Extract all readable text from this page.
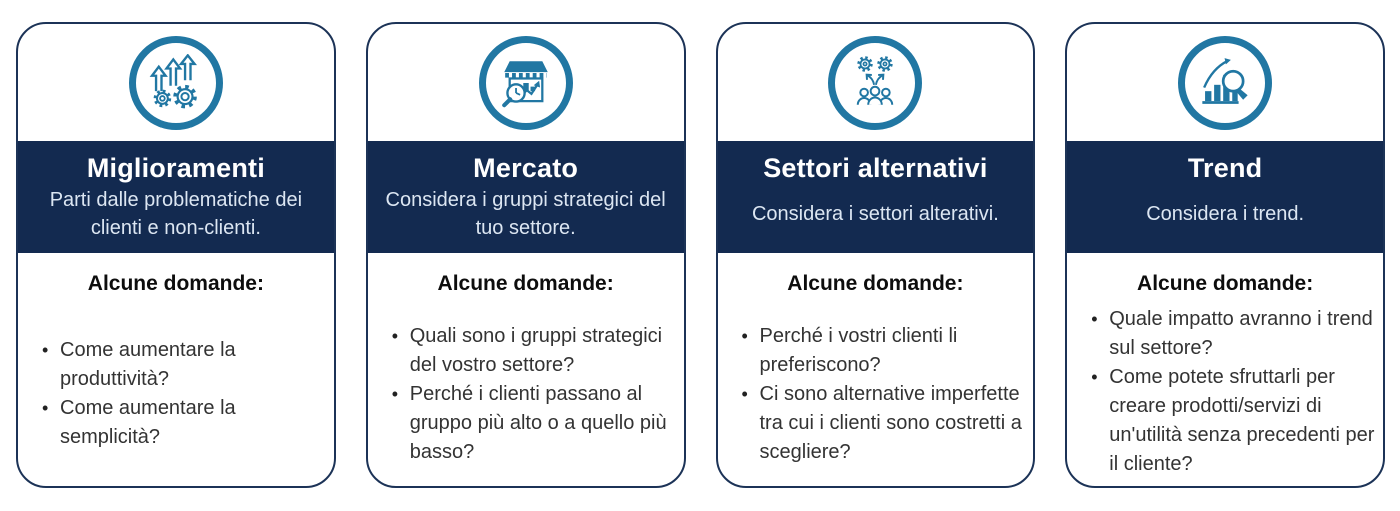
Miglioramenti

Parti dalle problematiche dei clienti e non-clienti.

Alcune domande:
• Come aumentare la produttività?
• Come aumentare la semplicità?
Mercato

Considera i gruppi strategici del tuo settore.

Alcune domande:
• Quali sono i gruppi strategici del vostro settore?
• Perché i clienti passano al gruppo più alto o a quello più basso?
Settori alternativi

Considera i settori alterativi.

Alcune domande:
• Perché i vostri clienti li preferiscono?
• Ci sono alternative imperfette tra cui i clienti sono costretti a scegliere?
Trend

Considera i trend.

Alcune domande:
• Quale impatto avranno i trend sul settore?
• Come potete sfruttarli per creare prodotti/servizi di un'utilità senza precedenti per il cliente?
